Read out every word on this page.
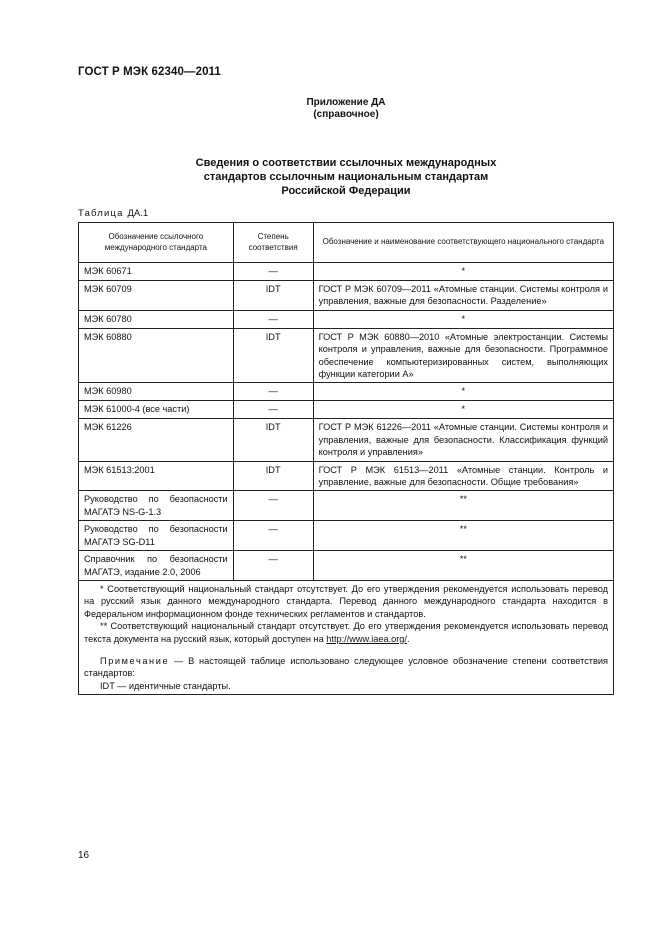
ГОСТ Р МЭК 62340—2011
Приложение ДА
(справочное)
Сведения о соответствии ссылочных международных
стандартов ссылочным национальным стандартам
Российской Федерации
Таблица ДА.1
Обозначение ссылочного международного стандарта	Степень соответствия	Обозначение и наименование соответствующего национального стандарта
МЭК 60671	—	*
МЭК 60709	IDT	ГОСТ Р МЭК 60709—2011 «Атомные станции. Системы контроля и управления, важные для безопасности. Разделение»
МЭК 60780	—	*
МЭК 60880	IDT	ГОСТ Р МЭК 60880—2010 «Атомные электростанции. Системы контроля и управления, важные для безопасности. Программное обеспечение компьютеризированных систем, выполняющих функции категории А»
МЭК 60980	—	*
МЭК 61000-4 (все части)	—	*
МЭК 61226	IDT	ГОСТ Р МЭК 61226—2011 «Атомные станции. Системы контроля и управления, важные для безопасности. Классификация функций контроля и управления»
МЭК 61513:2001	IDT	ГОСТ Р МЭК 61513—2011 «Атомные станции. Контроль и управление, важные для безопасности. Общие требования»
Руководство по безопасности МАГАТЭ NS-G-1.3	—	**
Руководство по безопасности МАГАТЭ SG-D11	—	**
Справочник по безопасности МАГАТЭ, издание 2.0, 2006	—	**

* Соответствующий национальный стандарт отсутствует. До его утверждения рекомендуется использовать перевод на русский язык данного международного стандарта. Перевод данного международного стандарта находится в Федеральном информационном фонде технических регламентов и стандартов.

** Соответствующий национальный стандарт отсутствует. До его утверждения рекомендуется использовать перевод текста документа на русский язык, который доступен на http://www.iaea.org/.

Примечание — В настоящей таблице использовано следующее условное обозначение степени соответствия стандартов:

IDT — идентичные стандарты.		

16
